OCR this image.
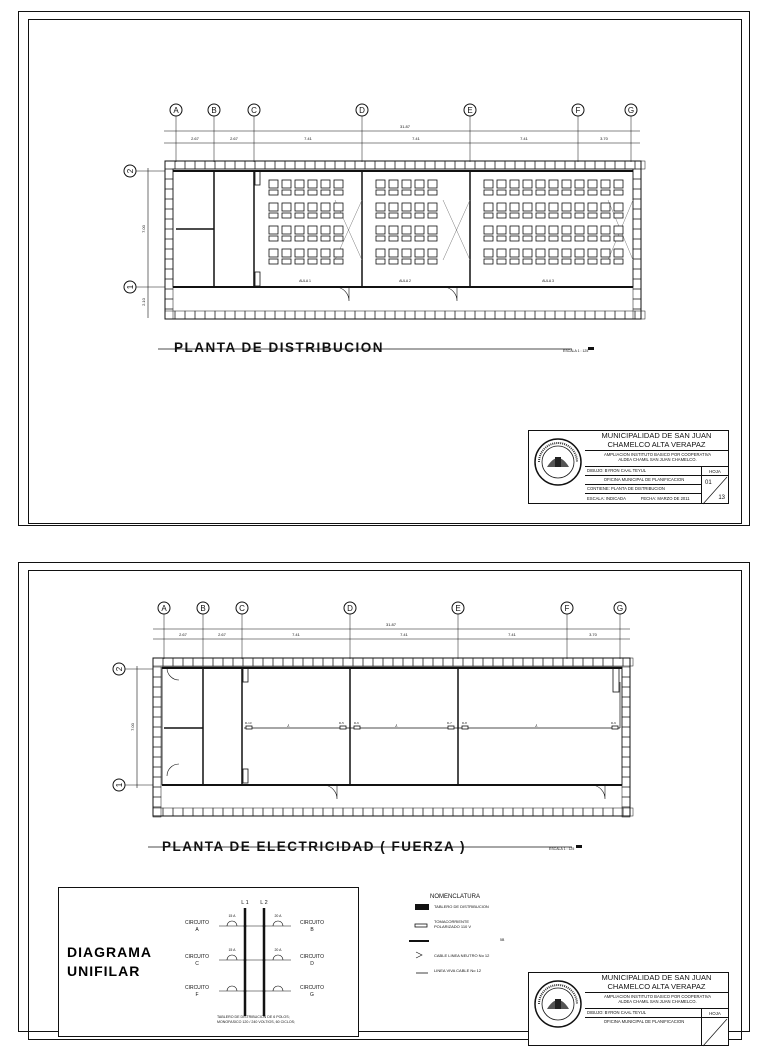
A	B	C	D	E	F	G
2
1
31.87
2.67	2.67	7.41	7.41	7.41	3.70
7.00
2.10
AULA 1	AULA 2	AULA 3
PLANTA DE DISTRIBUCION	ESCALA 1 : 125
MUNICIPALIDAD DE SAN JUAN
CHAMELCO ALTA VERAPAZ
AMPLIACION INSTITUTO BASICO POR COOPERATIVA
ALDEA CHAMIL SAN JUAN CHAMELCO.
DIBUJO: BYRON CAAL TEYUL	HOJA
OFICINA MUNICIPAL DE PLANIFICACION
CONTIENE: PLANTA DE DISTRIBUCION
ESCALA: INDICADA	FECHA: MARZO DE 2011
01
13
A	B	C	D	E	F	G
2
1
31.87
2.67	2.67	7.41	7.41	7.41	3.70
7.00
D-13	D-5	D-6	D-7	D-8	D-9
⅄	⅄	⅄
PLANTA DE ELECTRICIDAD ( FUERZA )	ESCALA 1 : 125
NOMENCLATURA
TABLERO DE DISTRIBUCION
TOMACORRIENTE
POLARIZADO 110 V
5B
CABLE LINEA NEUTRO No 12
LINEA VIVA CABLE No 12
DIAGRAMA
UNIFILAR
L 1 L 2
15 A	20 A
15 A	20 A
CIRCUITO
A
CIRCUITO
B
CIRCUITO
C
CIRCUITO
D
CIRCUITO
F
CIRCUITO
G
TABLERO DE DISTRIBUCION DE 6 POLOS;
MONOFASICO 120 / 240 VOLTIOS, 60 CICLOS;
MUNICIPALIDAD DE SAN JUAN
CHAMELCO ALTA VERAPAZ
AMPLIACION INSTITUTO BASICO POR COOPERATIVA
ALDEA CHAMIL SAN JUAN CHAMELCO.
DIBUJO: BYRON CAAL TEYUL	HOJA
OFICINA MUNICIPAL DE PLANIFICACION
